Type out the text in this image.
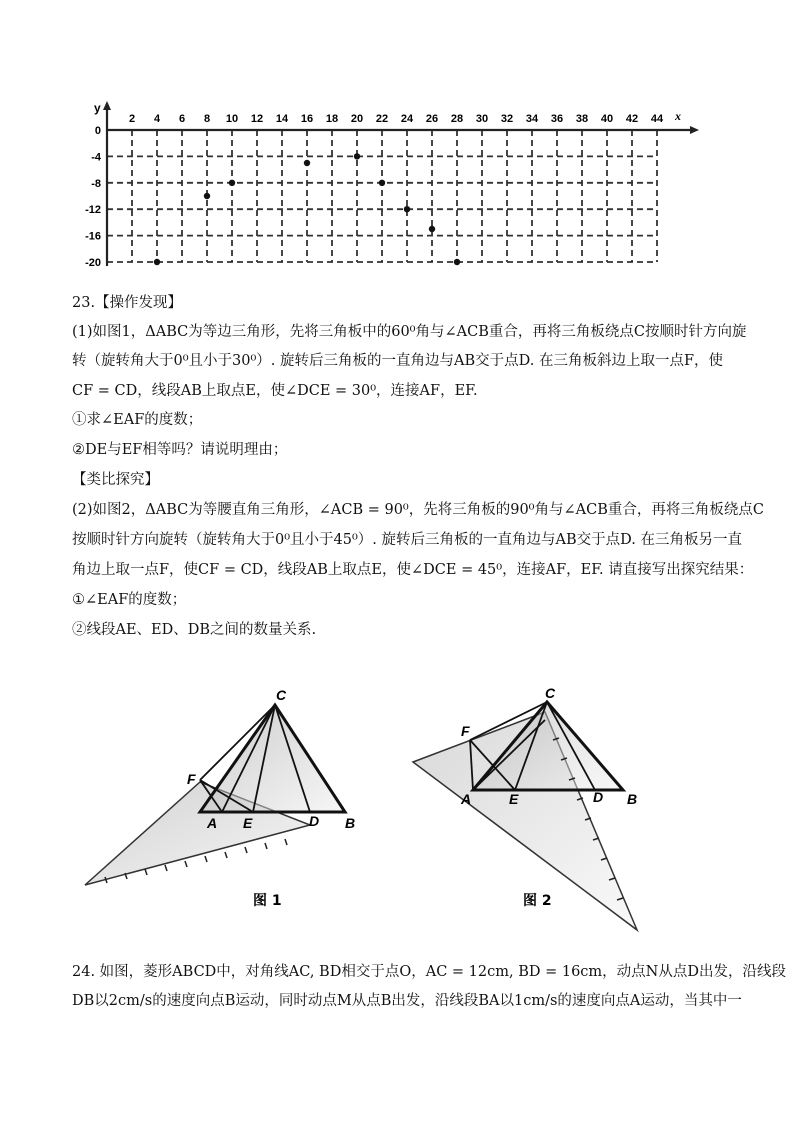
y
x
2 4 6 8 10 12 14 16 18 20 22 24 26 28 30 32 34 36 38 40 42 44
0
-4
-8
-12
-16
-20
23.【操作发现】
(1)如图1，ΔABC为等边三角形，先将三角板中的60⁰角与∠ACB重合，再将三角板绕点C按顺时针方向旋
转（旋转角大于0⁰且小于30⁰）. 旋转后三角板的一直角边与AB交于点D. 在三角板斜边上取一点F，使
CF = CD，线段AB上取点E，使∠DCE = 30⁰，连接AF，EF.
①求∠EAF的度数；
②DE与EF相等吗？请说明理由；
【类比探究】
(2)如图2，ΔABC为等腰直角三角形，∠ACB = 90⁰，先将三角板的90⁰角与∠ACB重合，再将三角板绕点C
按顺时针方向旋转（旋转角大于0⁰且小于45⁰）. 旋转后三角板的一直角边与AB交于点D. 在三角板另一直
角边上取一点F，使CF = CD，线段AB上取点E，使∠DCE = 45⁰，连接AF，EF. 请直接写出探究结果：
①∠EAF的度数；
②线段AE、ED、DB之间的数量关系.
C
F
A E	D B
图 1
C
F
A	E	D B
图 2
24. 如图，菱形ABCD中，对角线AC, BD相交于点O，AC = 12cm, BD = 16cm，动点N从点D出发，沿线段
DB以2cm/s的速度向点B运动，同时动点M从点B出发，沿线段BA以1cm/s的速度向点A运动，当其中一
